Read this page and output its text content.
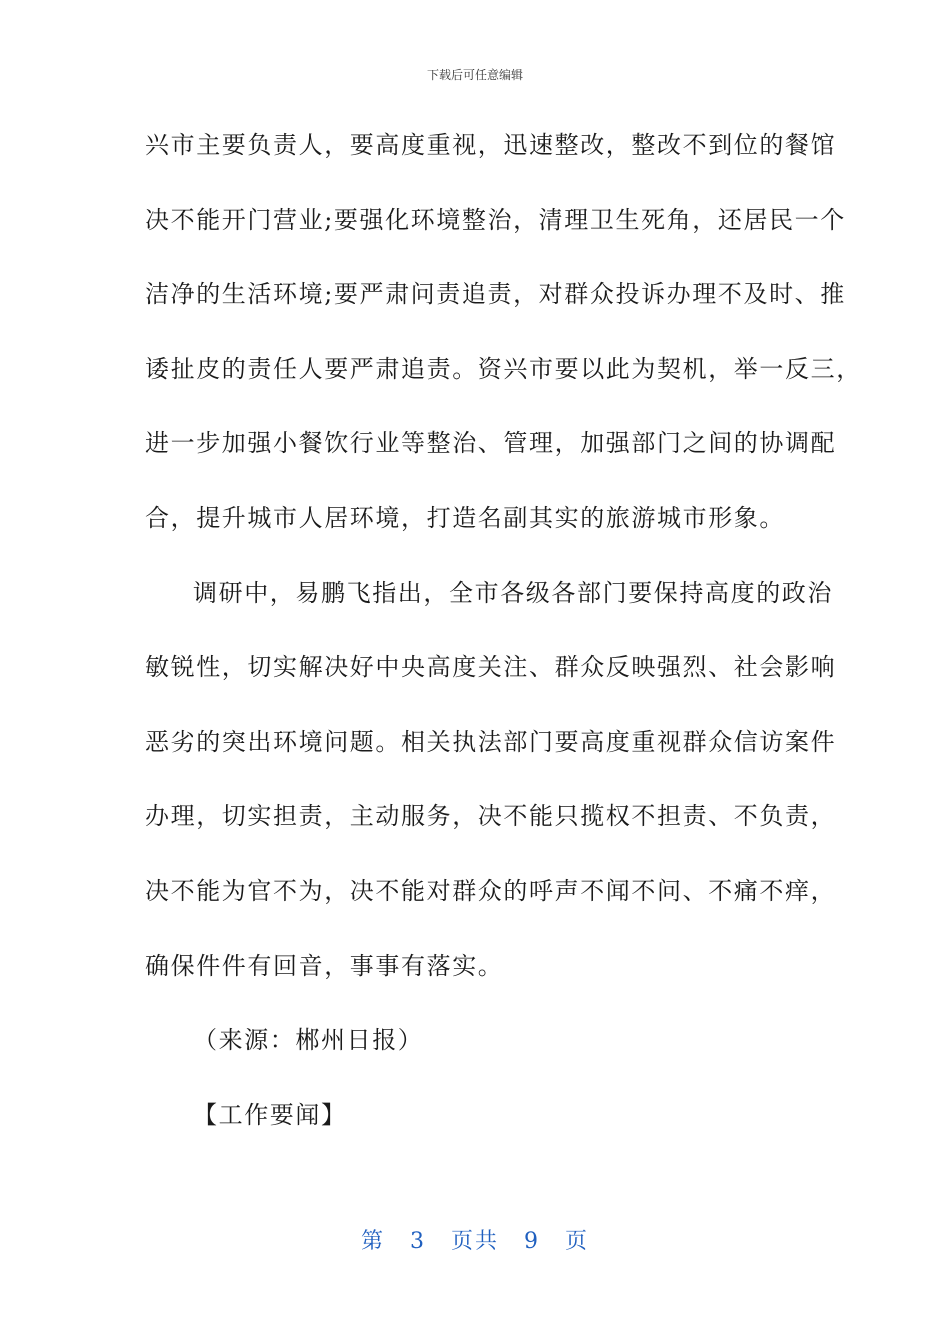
下载后可任意编辑
兴市主要负责人，要高度重视，迅速整改，整改不到位的餐馆
决不能开门营业;要强化环境整治，清理卫生死角，还居民一个
洁净的生活环境;要严肃问责追责，对群众投诉办理不及时、推
诿扯皮的责任人要严肃追责。资兴市要以此为契机，举一反三，
进一步加强小餐饮行业等整治、管理，加强部门之间的协调配
合，提升城市人居环境，打造名副其实的旅游城市形象。
调研中，易鹏飞指出，全市各级各部门要保持高度的政治
敏锐性，切实解决好中央高度关注、群众反映强烈、社会影响
恶劣的突出环境问题。相关执法部门要高度重视群众信访案件
办理，切实担责，主动服务，决不能只揽权不担责、不负责，
决不能为官不为，决不能对群众的呼声不闻不问、不痛不痒，
确保件件有回音，事事有落实。
（来源：郴州日报）
【工作要闻】
第 3 页共 9 页
